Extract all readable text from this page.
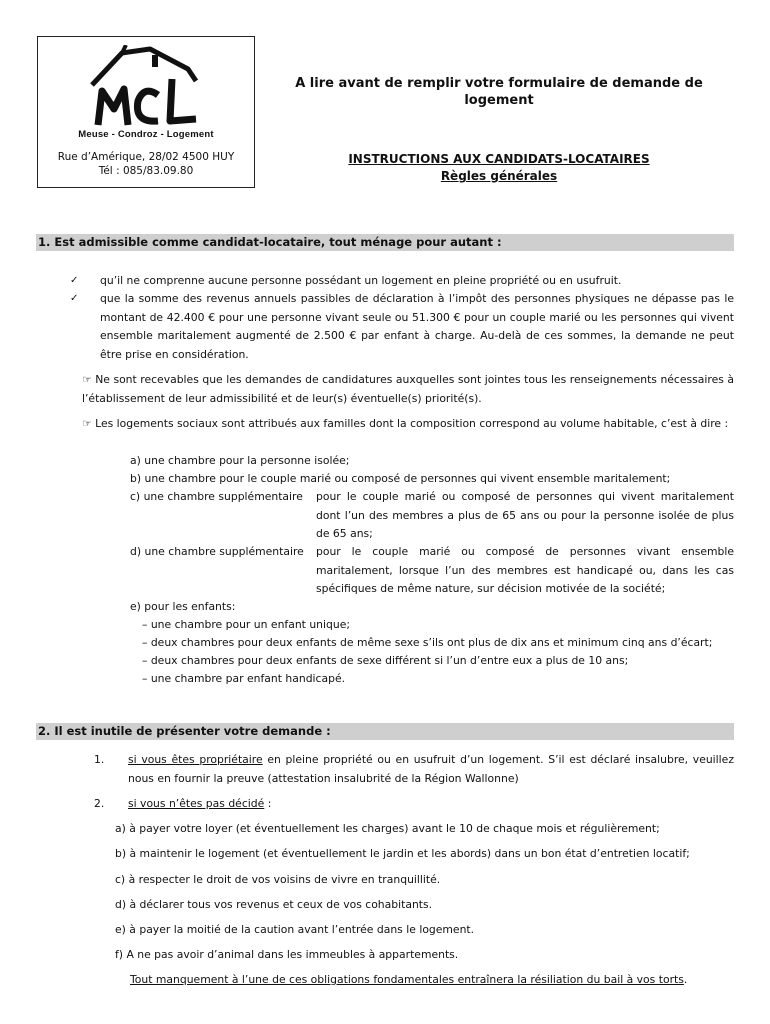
Meuse - Condroz - Logement
Rue d’Amérique, 28/02 4500 HUY
Tél : 085/83.09.80
A lire avant de remplir votre formulaire de demande de logement
INSTRUCTIONS AUX CANDIDATS-LOCATAIRES
Règles générales
1. Est admissible comme candidat-locataire, tout ménage pour autant :
✓ qu’il ne comprenne aucune personne possédant un logement en pleine propriété ou en usufruit.
✓ que la somme des revenus annuels passibles de déclaration à l’impôt des personnes physiques ne dépasse pas le montant de 42.400 € pour une personne vivant seule ou 51.300 € pour un couple marié ou les personnes qui vivent ensemble maritalement augmenté de 2.500 € par enfant à charge. Au-delà de ces sommes, la demande ne peut être prise en considération.
☞ Ne sont recevables que les demandes de candidatures auxquelles sont jointes tous les renseignements nécessaires à l’établissement de leur admissibilité et de leur(s) éventuelle(s) priorité(s).
☞ Les logements sociaux sont attribués aux familles dont la composition correspond au volume habitable, c’est à dire :
a) une chambre pour la personne isolée;
b) une chambre pour le couple marié ou composé de personnes qui vivent ensemble maritalement;
c) une chambre supplémentaire pour le couple marié ou composé de personnes qui vivent maritalement dont l’un des membres a plus de 65 ans ou pour la personne isolée de plus de 65 ans;
d) une chambre supplémentaire pour le couple marié ou composé de personnes vivant ensemble maritalement, lorsque l’un des membres est handicapé ou, dans les cas spécifiques de même nature, sur décision motivée de la société;
e) pour les enfants:
– une chambre pour un enfant unique;
– deux chambres pour deux enfants de même sexe s’ils ont plus de dix ans et minimum cinq ans d’écart;
– deux chambres pour deux enfants de sexe différent si l’un d’entre eux a plus de 10 ans;
– une chambre par enfant handicapé.
2. Il est inutile de présenter votre demande :
1. si vous êtes propriétaire en pleine propriété ou en usufruit d’un logement. S’il est déclaré insalubre, veuillez nous en fournir la preuve (attestation insalubrité de la Région Wallonne)
2. si vous n’êtes pas décidé :
a) à payer votre loyer (et éventuellement les charges) avant le 10 de chaque mois et régulièrement;
b) à maintenir le logement (et éventuellement le jardin et les abords) dans un bon état d’entretien locatif;
c) à respecter le droit de vos voisins de vivre en tranquillité.
d) à déclarer tous vos revenus et ceux de vos cohabitants.
e) à payer la moitié de la caution avant l’entrée dans le logement.
f) A ne pas avoir d’animal dans les immeubles à appartements.
Tout manquement à l’une de ces obligations fondamentales entraînera la résiliation du bail à vos torts.
